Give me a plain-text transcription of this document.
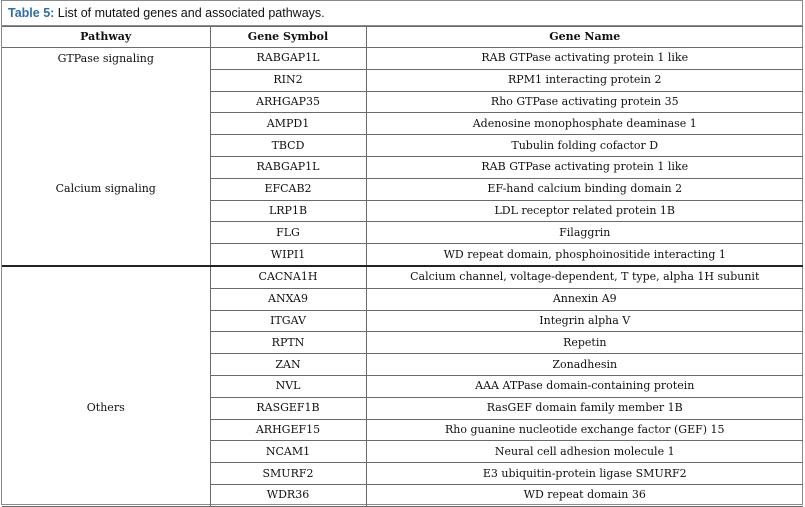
Table 5: List of mutated genes and associated pathways.
Pathway	Gene Symbol	Gene Name
GTPase signaling	RABGAP1L	RAB GTPase activating protein 1 like
	RIN2	RPM1 interacting protein 2
	ARHGAP35	Rho GTPase activating protein 35
	AMPD1	Adenosine monophosphate deaminase 1
	TBCD	Tubulin folding cofactor D
	RABGAP1L	RAB GTPase activating protein 1 like
Calcium signaling	EFCAB2	EF-hand calcium binding domain 2
	LRP1B	LDL receptor related protein 1B
	FLG	Filaggrin
	WIPI1	WD repeat domain, phosphoinositide interacting 1
	CACNA1H	Calcium channel, voltage-dependent, T type, alpha 1H subunit
	ANXA9	Annexin A9
	ITGAV	Integrin alpha V
	RPTN	Repetin
	ZAN	Zonadhesin
	NVL	AAA ATPase domain-containing protein
Others	RASGEF1B	RasGEF domain family member 1B
	ARHGEF15	Rho guanine nucleotide exchange factor (GEF) 15
	NCAM1	Neural cell adhesion molecule 1
	SMURF2	E3 ubiquitin-protein ligase SMURF2
	WDR36	WD repeat domain 36
